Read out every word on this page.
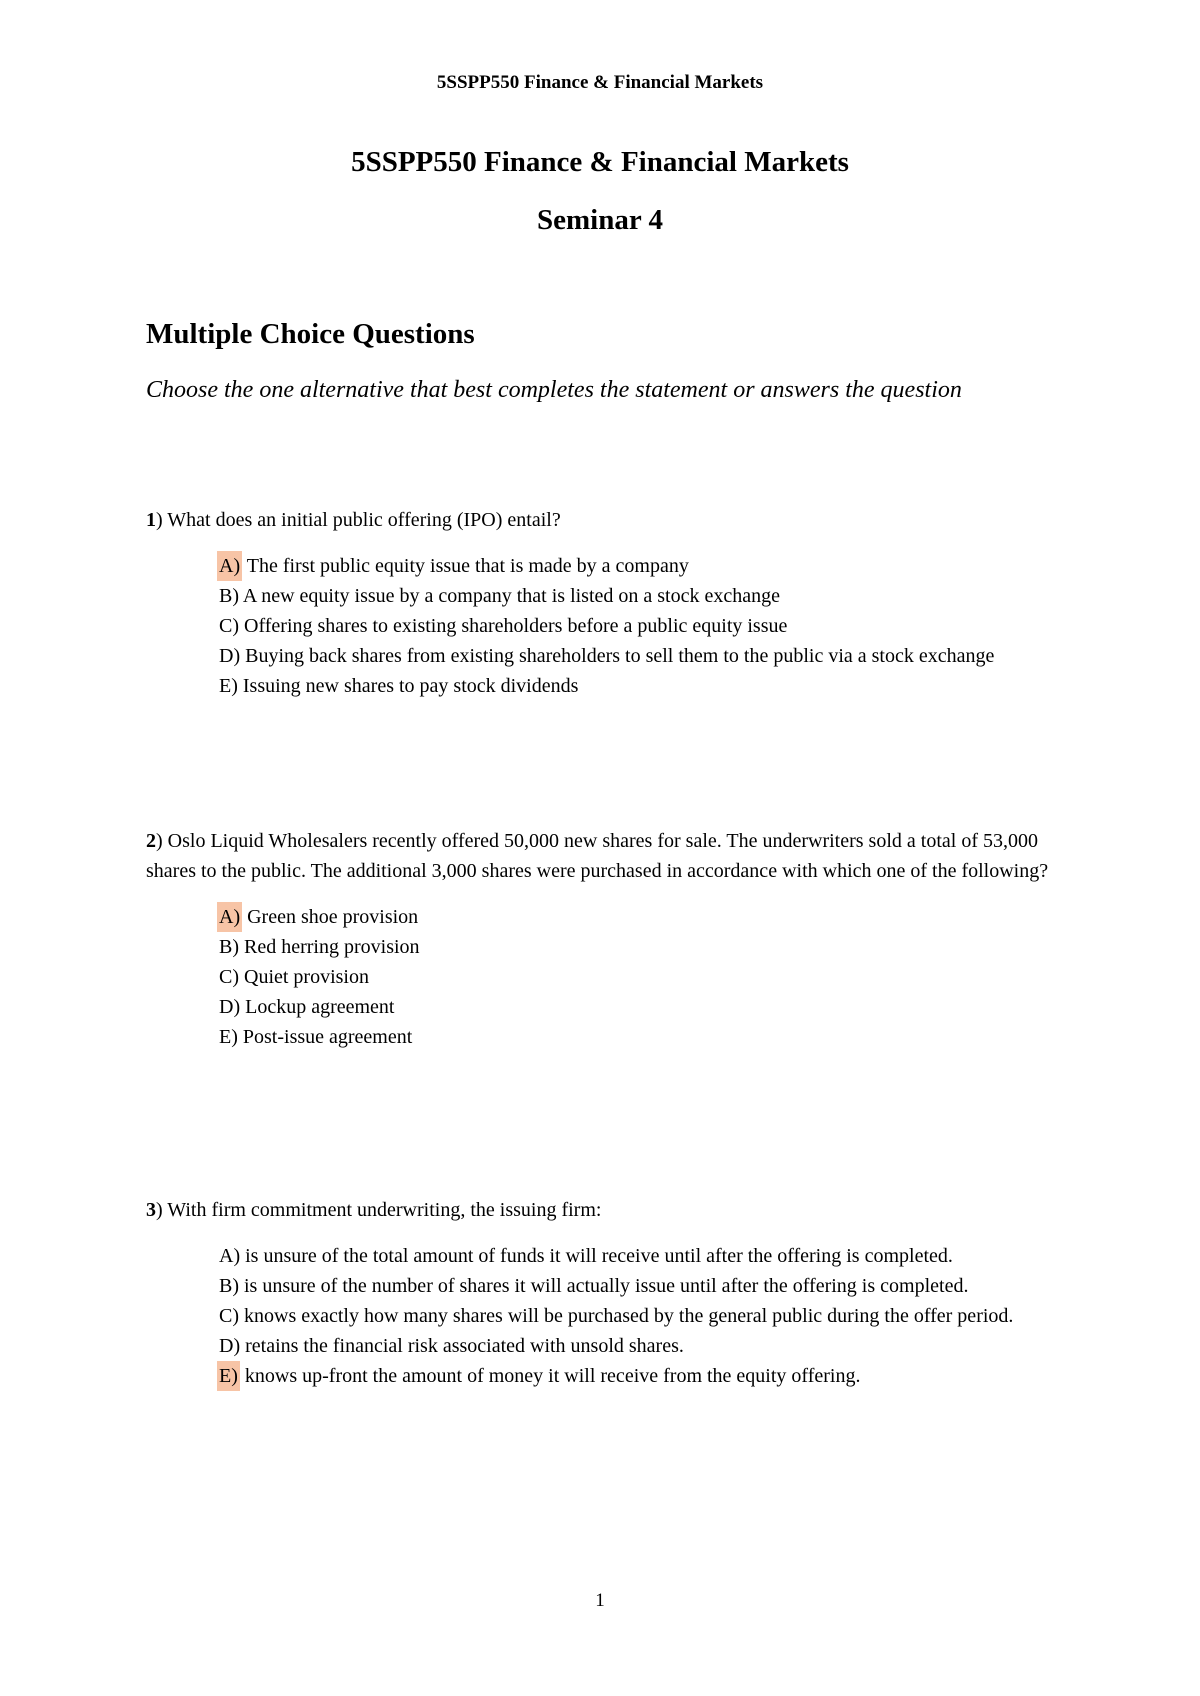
5SSPP550 Finance & Financial Markets
5SSPP550 Finance & Financial Markets
Seminar 4
Multiple Choice Questions
Choose the one alternative that best completes the statement or answers the question
1) What does an initial public offering (IPO) entail?
A) The first public equity issue that is made by a company
B) A new equity issue by a company that is listed on a stock exchange
C) Offering shares to existing shareholders before a public equity issue
D) Buying back shares from existing shareholders to sell them to the public via a stock exchange
E) Issuing new shares to pay stock dividends
2) Oslo Liquid Wholesalers recently offered 50,000 new shares for sale. The underwriters sold a total of 53,000 shares to the public. The additional 3,000 shares were purchased in accordance with which one of the following?
A) Green shoe provision
B) Red herring provision
C) Quiet provision
D) Lockup agreement
E) Post-issue agreement
3) With firm commitment underwriting, the issuing firm:
A) is unsure of the total amount of funds it will receive until after the offering is completed.
B) is unsure of the number of shares it will actually issue until after the offering is completed.
C) knows exactly how many shares will be purchased by the general public during the offer period.
D) retains the financial risk associated with unsold shares.
E) knows up-front the amount of money it will receive from the equity offering.
1
